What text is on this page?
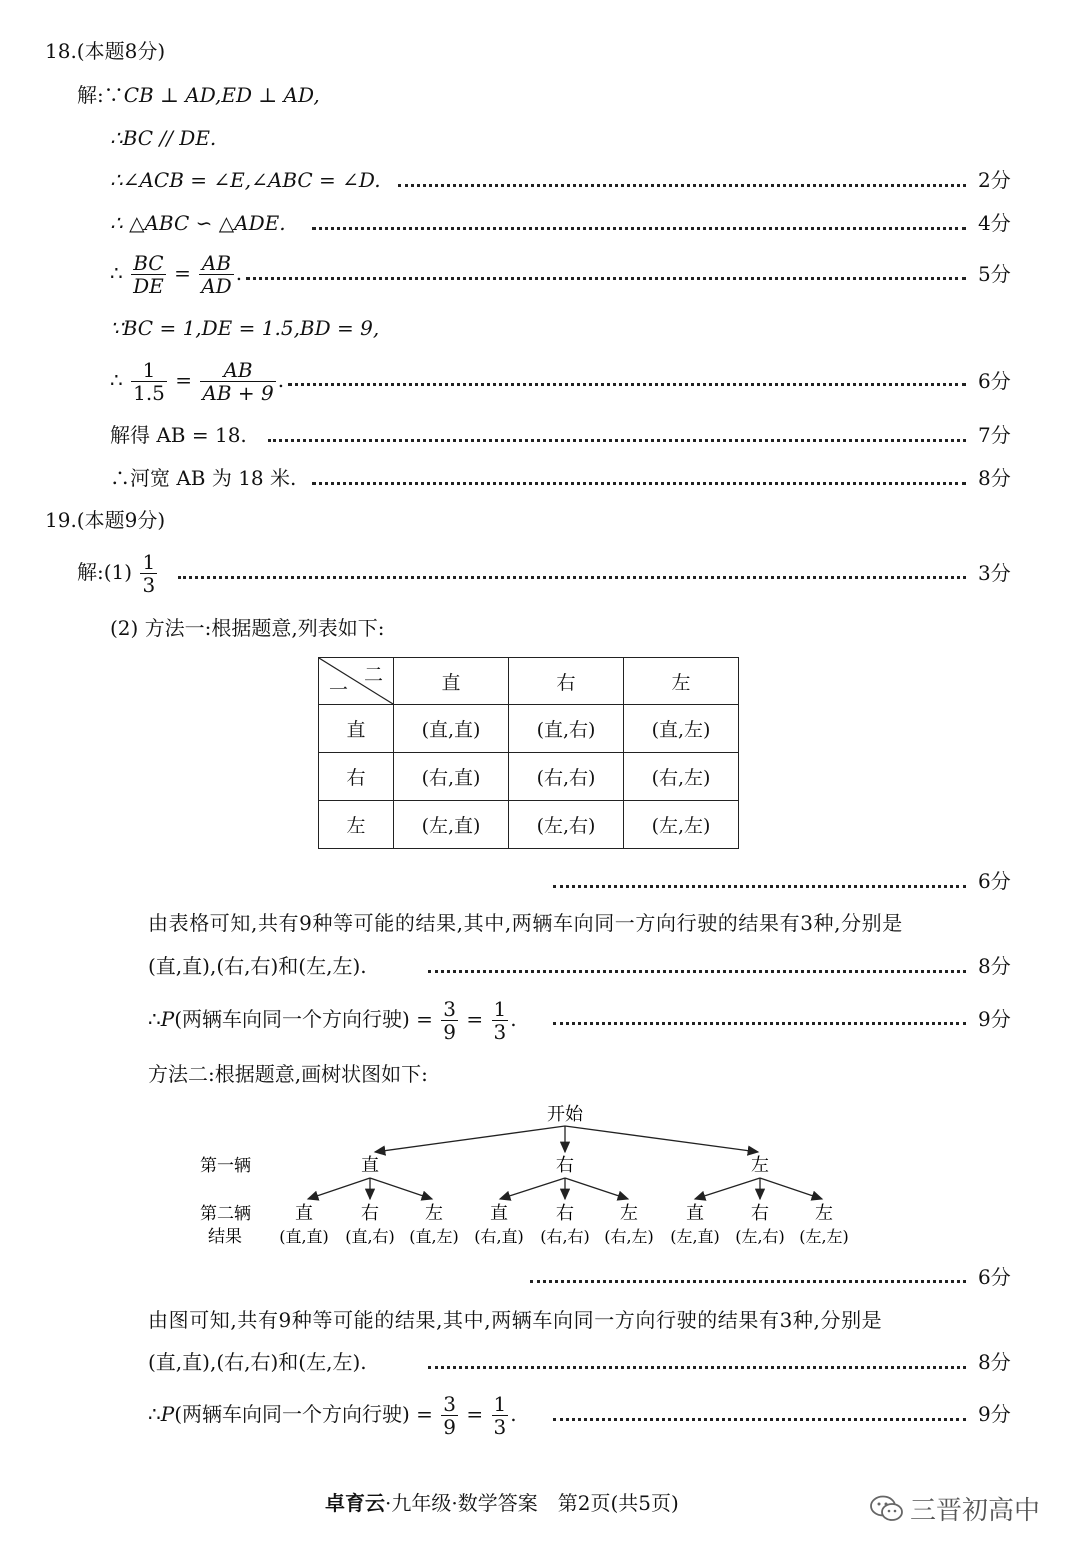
18.(本题8分)
解:∵CB ⊥ AD,ED ⊥ AD,
∴BC // DE.
∴∠ACB = ∠E,∠ABC = ∠D.	2分
∴ △ABC ∽ △ADE.	4分
∴ $\frac{BC}{DE} = \frac{AB}{AD}$ .	5分
∵BC = 1,DE = 1.5,BD = 9,
∴ $\frac{1}{1.5} = \frac{AB}{AB + 9}$ .	6分
解得 AB = 18.	7分
∴河宽 AB 为 18 米.	8分
19.(本题9分)
解:(1) $\frac{1}{3}$	3分
(2) 方法一:根据题意,列表如下:
二
一	直	右	左
直	(直,直)	(直,右)	(直,左)
右	(右,直)	(右,右)	(右,左)
左	(左,直)	(左,右)	(左,左)
6分
由表格可知,共有9种等可能的结果,其中,两辆车向同一方向行驶的结果有3种,分别是
(直,直),(右,右)和(左,左).	8分
∴P(两辆车向同一个方向行驶) = $\frac{3}{9} = \frac{1}{3}$ .	9分
方法二:根据题意,画树状图如下:
开始
第一辆	直	右	左
第二辆 直	右	左	直	右	左	直	右	左
结果 (直,直) (直,右) (直,左) (右,直) (右,右) (右,左) (左,直) (左,右) (左,左)
6分
由图可知,共有9种等可能的结果,其中,两辆车向同一方向行驶的结果有3种,分别是
(直,直),(右,右)和(左,左).	8分
∴P(两辆车向同一个方向行驶) = $\frac{3}{9} = \frac{1}{3}$ .	9分
卓育云·九年级·数学答案　第2页(共5页)	三晋初高中
